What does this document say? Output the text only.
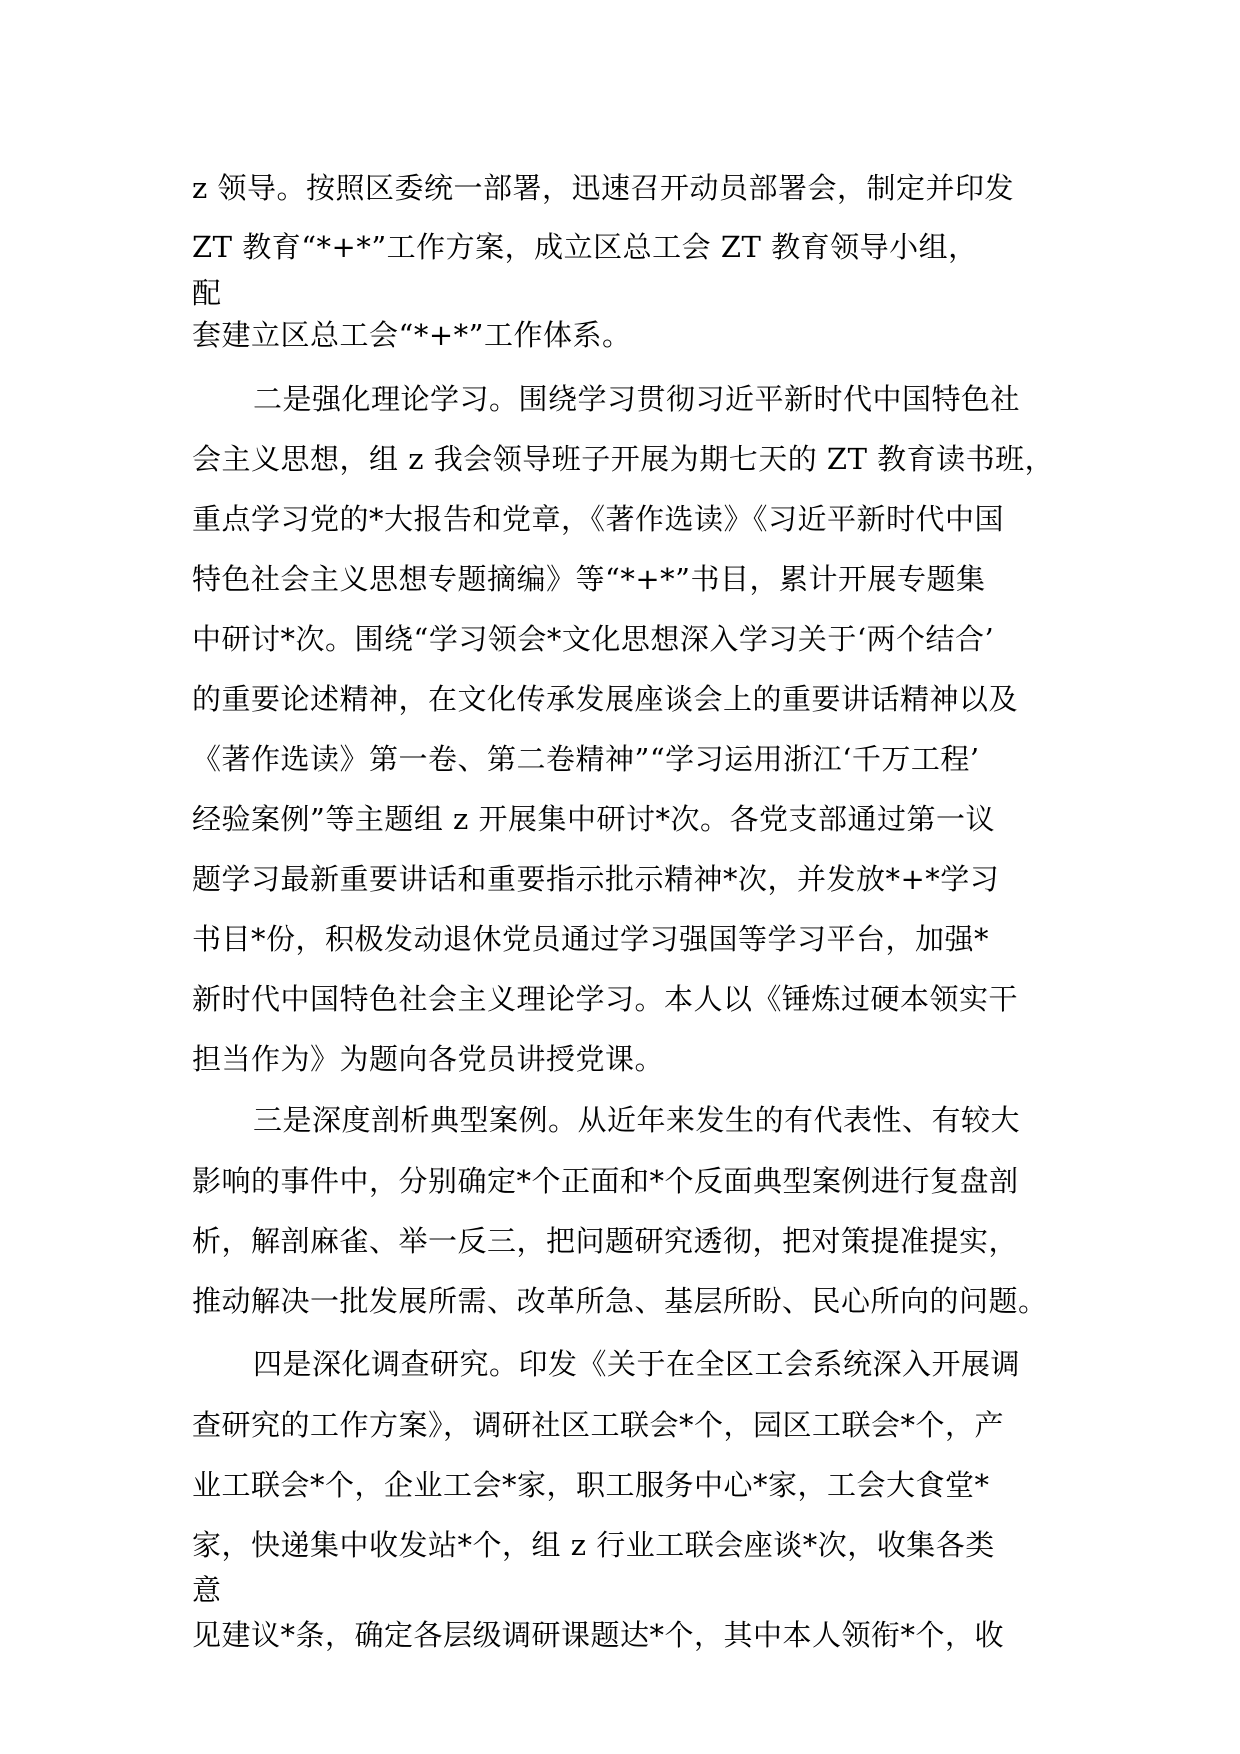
z 领导。按照区委统一部署，迅速召开动员部署会，制定并印发
ZT 教育“*+*”工作方案，成立区总工会 ZT 教育领导小组，
配
套建立区总工会“*+*”工作体系。
二是强化理论学习。围绕学习贯彻习近平新时代中国特色社
会主义思想，组 z 我会领导班子开展为期七天的 ZT 教育读书班，
重点学习党的*大报告和党章，《著作选读》《习近平新时代中国
特色社会主义思想专题摘编》等“*+*”书目，累计开展专题集
中研讨*次。围绕“学习领会*文化思想深入学习关于‘两个结合’
的重要论述精神，在文化传承发展座谈会上的重要讲话精神以及
《著作选读》第一卷、第二卷精神”“学习运用浙江‘千万工程’
经验案例”等主题组 z 开展集中研讨*次。各党支部通过第一议
题学习最新重要讲话和重要指示批示精神*次，并发放*+*学习
书目*份，积极发动退休党员通过学习强国等学习平台，加强*
新时代中国特色社会主义理论学习。本人以《锤炼过硬本领实干
担当作为》为题向各党员讲授党课。
三是深度剖析典型案例。从近年来发生的有代表性、有较大
影响的事件中，分别确定*个正面和*个反面典型案例进行复盘剖
析，解剖麻雀、举一反三，把问题研究透彻，把对策提准提实，
推动解决一批发展所需、改革所急、基层所盼、民心所向的问题。
四是深化调查研究。印发《关于在全区工会系统深入开展调
查研究的工作方案》，调研社区工联会*个，园区工联会*个，产
业工联会*个，企业工会*家，职工服务中心*家，工会大食堂*
家，快递集中收发站*个，组 z 行业工联会座谈*次，收集各类
意
见建议*条，确定各层级调研课题达*个，其中本人领衔*个，收
